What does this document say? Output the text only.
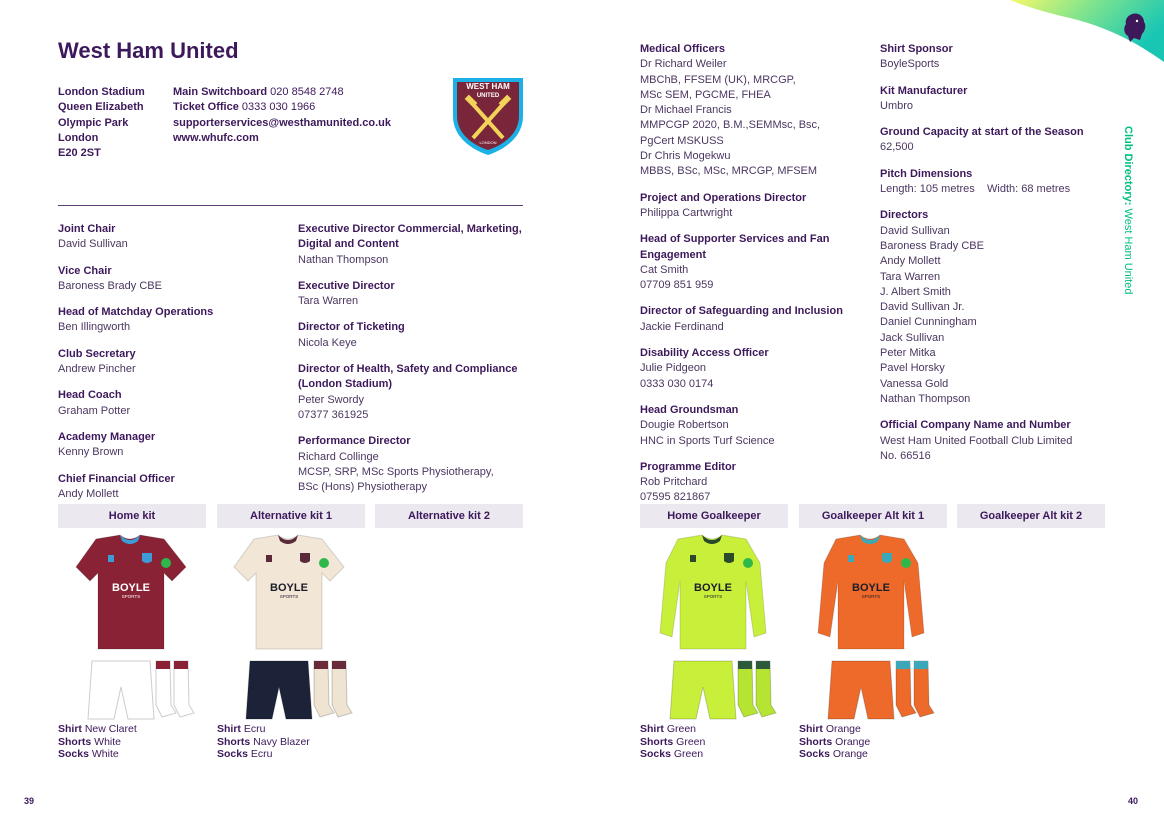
West Ham United
London Stadium
Queen Elizabeth
Olympic Park
London
E20 2ST
Main Switchboard 020 8548 2748
Ticket Office 0333 030 1966
supporterservices@westhamunited.co.uk
www.whufc.com
WEST HAM
UNITED
LONDON
Joint Chair
David Sullivan
Vice Chair
Baroness Brady CBE
Head of Matchday Operations
Ben Illingworth
Club Secretary
Andrew Pincher
Head Coach
Graham Potter
Academy Manager
Kenny Brown
Chief Financial Officer
Andy Mollett
Executive Director Commercial, Marketing, Digital and Content
Nathan Thompson
Executive Director
Tara Warren
Director of Ticketing
Nicola Keye
Director of Health, Safety and Compliance (London Stadium)
Peter Swordy
07377 361925
Performance Director
Richard Collinge
MCSP, SRP, MSc Sports Physiotherapy,
BSc (Hons) Physiotherapy
Medical Officers
Dr Richard Weiler
MBChB, FFSEM (UK), MRCGP,
MSc SEM, PGCME, FHEA
Dr Michael Francis
MMPCGP 2020, B.M.,SEMMsc, Bsc,
PgCert MSKUSS
Dr Chris Mogekwu
MBBS, BSc, MSc, MRCGP, MFSEM
Project and Operations Director
Philippa Cartwright
Head of Supporter Services and Fan Engagement
Cat Smith
07709 851 959
Director of Safeguarding and Inclusion
Jackie Ferdinand
Disability Access Officer
Julie Pidgeon
0333 030 0174
Head Groundsman
Dougie Robertson
HNC in Sports Turf Science
Programme Editor
Rob Pritchard
07595 821867
Shirt Sponsor
BoyleSports
Kit Manufacturer
Umbro
Ground Capacity at start of the Season
62,500
Pitch Dimensions
Length: 105 metres    Width: 68 metres
Directors
David Sullivan
Baroness Brady CBE
Andy Mollett
Tara Warren
J. Albert Smith
David Sullivan Jr.
Daniel Cunningham
Jack Sullivan
Peter Mitka
Pavel Horsky
Vanessa Gold
Nathan Thompson
Official Company Name and Number
West Ham United Football Club Limited
No. 66516
Home kit	Alternative kit 1	Alternative kit 2	Home Goalkeeper	Goalkeeper Alt kit 1	Goalkeeper Alt kit 2
BOYLE
SPORTS
BOYLE
SPORTS
BOYLE
SPORTS
BOYLE
SPORTS
Shirt New Claret
Shorts White
Socks White
Shirt Ecru
Shorts Navy Blazer
Socks Ecru
Shirt Green
Shorts Green
Socks Green
Shirt Orange
Shorts Orange
Socks Orange
Club Directory: West Ham United
39	40
